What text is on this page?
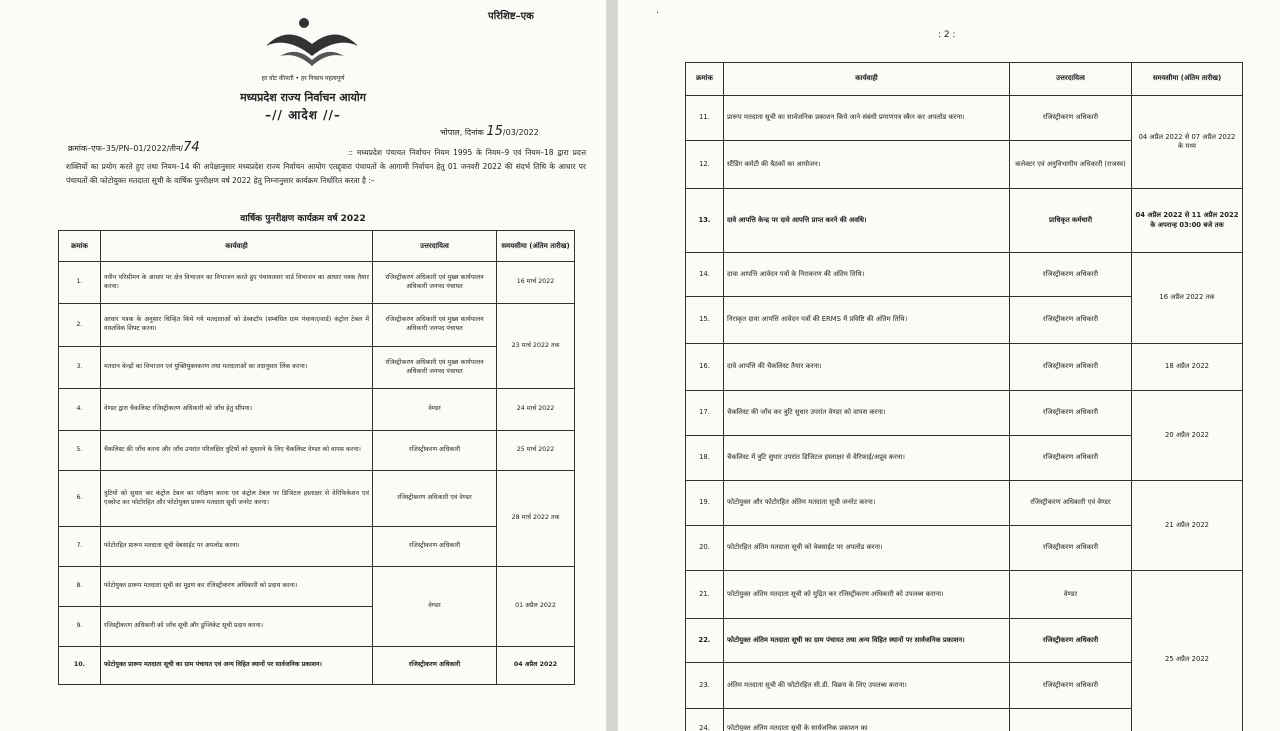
परिशिष्ट–एक
हर वोट कीमती • हर निकाय महत्वपूर्ण
मध्यप्रदेश राज्य निर्वाचन आयोग
–// आदेश //–
भोपाल, दिनांक 15/03/2022
क्रमांक–एफ–35/PN–01/2022/तीन/74	:: मध्यप्रदेश पंचायत निर्वाचन नियम 1995 के नियम–9 एवं नियम–18 द्वारा प्रदत्त शक्तियों का प्रयोग करते हुए तथा नियम–14 की अपेक्षानुसार मध्यप्रदेश राज्य निर्वाचन आयोग एतद्द्वारा पंचायतों के आगामी निर्वाचन हेतु 01 जनवरी 2022 की संदर्भ तिथि के आधार पर पंचायतों की फोटोयुक्त मतदाता सूची के वार्षिक पुनरीक्षण वर्ष 2022 हेतु निम्नानुसार कार्यक्रम निर्धारित करता है :–
वार्षिक पुनरीक्षण कार्यक्रम वर्ष 2022
क्रमांक	कार्यवाही	उत्तरदायित्व	समयसीमा (अंतिम तारीख)
1.	नवीन परिसीमन के आधार पर क्षेत्र विभाजन का विभाजन करते हुए पंचायतवार वार्ड विभाजन का आधार पत्रक तैयार करना।	रजिस्ट्रीकरण अधिकारी एवं मुख्य कार्यपालन अधिकारी जनपद पंचायत	16 मार्च 2022
2.	आधार पत्रक के अनुसार चिन्हित किये गये मतदाताओं को डेस्कटॉप (सम्बंधित ग्राम पंचायत/वार्ड) कंट्रोल टेबल में वास्तविक शिफ्ट करना।	रजिस्ट्रीकरण अधिकारी एवं मुख्य कार्यपालन अधिकारी जनपद पंचायत	23 मार्च 2022 तक
3.	मतदान केन्द्रों का विभाजन एवं युक्तियुक्तकरण तथा मतदाताओं का तदानुसार लिंक करना।	रजिस्ट्रीकरण अधिकारी एवं मुख्य कार्यपालन अधिकारी जनपद पंचायत	
4.	वेण्डर द्वारा चैकलिस्ट रजिस्ट्रीकरण अधिकारी को जाँच हेतु सौंपना।	वेण्डर	24 मार्च 2022
5.	चैकलिस्ट की जाँच करना और जाँच उपरांत परिलक्षित त्रुटियों को सुधारने के लिए चैकलिस्ट वेण्डर को वापस करना।	रजिस्ट्रीकरण अधिकारी	25 मार्च 2022
6.	त्रुटियों को सुधार कर कंट्रोल टेबल का परीक्षण करना एवं कंट्रोल टेबल पर डिजिटल हस्ताक्षर से वेरिफिकेशन एवं एक्सेप्ट कर फोटोरहित और फोटोयुक्त प्रारूप मतदाता सूची जनरेट करना।	रजिस्ट्रीकरण अधिकारी एवं वेण्डर	28 मार्च 2022 तक
7.	फोटोरहित प्रारूप मतदाता सूची वेबसाईट पर अपलोड करना।	रजिस्ट्रीकरण अधिकारी	
8.	फोटोयुक्त प्रारूप मतदाता सूची का मुद्रण कर रजिस्ट्रीकरण अधिकारी को प्रदाय करना।	वेण्डर	01 अप्रैल 2022
9.	रजिस्ट्रीकरण अधिकारी को जाँच सूची और डुप्लिकेट सूची प्रदान करना।		
10.	फोटोयुक्त प्रारूप मतदाता सूची का ग्राम पंचायत एवं अन्य विहित स्थानों पर सार्वजनिक प्रकाशन।	रजिस्ट्रीकरण अधिकारी	04 अप्रैल 2022
·
: 2 :
क्रमांक	कार्यवाही	उत्तरदायित्व	समयसीमा (अंतिम तारीख)
11.	प्रारूप मतदाता सूची का सार्वजनिक प्रकाशन किये जाने संबंधी प्रमाणपत्र स्कैन कर अपलोड करना।	रजिस्ट्रीकरण अधिकारी	04 अप्रैल 2022 से 07 अप्रैल 2022 के मध्य
12.	स्टैंडिंग कमेटी की बैठकों का आयोजन।	कलेक्टर एवं अनुविभागीय अधिकारी (राजस्व)	
13.	दावे आपत्ति केन्द्र पर दावे आपत्ति प्राप्त करने की अवधि।	प्राधिकृत कर्मचारी	04 अप्रैल 2022 से 11 अप्रैल 2022 के अपरान्ह 03:00 बजे तक
14.	दावा आपत्ति आवेदन पत्रों के निराकरण की अंतिम तिथि।	रजिस्ट्रीकरण अधिकारी	16 अप्रैल 2022 तक
15.	निराकृत दावा आपत्ति आवेदन पत्रों की ERMS में प्रविष्टि की अंतिम तिथि।	रजिस्ट्रीकरण अधिकारी	
16.	दावे आपत्ति की चैकलिस्ट तैयार करना।	रजिस्ट्रीकरण अधिकारी	18 अप्रैल 2022
17.	चैकलिस्ट की जाँच कर त्रुटि सुधार उपरांत वेण्डर को वापस करना।	रजिस्ट्रीकरण अधिकारी	20 अप्रैल 2022
18.	चैकलिस्ट में त्रुटि सुधार उपरांत डिजिटल हस्ताक्षर से वेरिफाई/अप्रूव करना।	रजिस्ट्रीकरण अधिकारी	
19.	फोटोयुक्त और फोटोरहित अंतिम मतदाता सूची जनरेट करना।	रजिस्ट्रीकरण अधिकारी एवं वेण्डर	21 अप्रैल 2022
20.	फोटोरहित अंतिम मतदाता सूची को वेबसाईट पर अपलोड करना।	रजिस्ट्रीकरण अधिकारी	
21.	फोटोयुक्त अंतिम मतदाता सूची को मुद्रित कर रजिस्ट्रीकरण अधिकारी को उपलब्ध कराना।	वेण्डर	25 अप्रैल 2022
22.	फोटोयुक्त अंतिम मतदाता सूची का ग्राम पंचायत तथा अन्य विहित स्थानों पर सार्वजनिक प्रकाशन।	रजिस्ट्रीकरण अधिकारी	
23.	अंतिम मतदाता सूची की फोटोरहित सी.डी. विक्रय के लिए उपलब्ध कराना।	रजिस्ट्रीकरण अधिकारी	
24.	फोटोयुक्त अंतिम मतदाता सूची के सार्वजनिक प्रकाशन का		
